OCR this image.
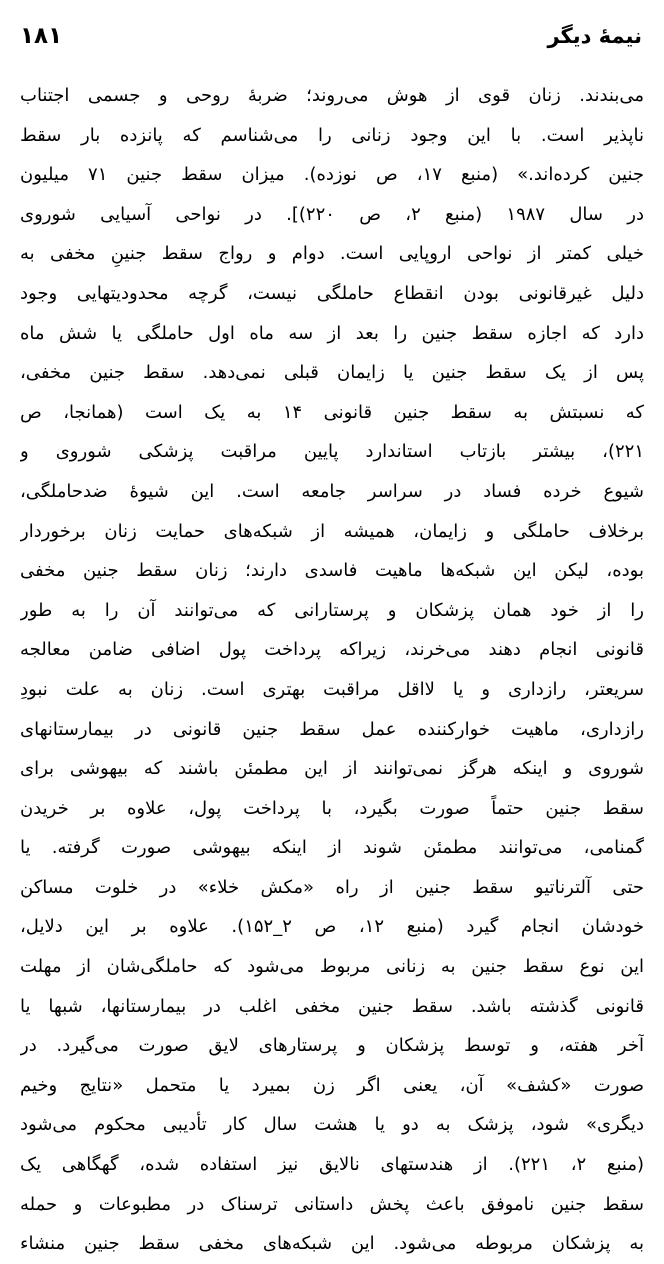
نیمهٔ دیگر
۱۸۱
می‌بندند. زنان قوی از هوش می‌روند؛ ضربهٔ روحی و جسمی اجتناب
ناپذیر است. با این وجود زنانی را می‌شناسم که پانزده بار سقط
جنین کرده‌اند.» (منبع ۱۷، ص نوزده). میزان سقط جنین ۷۱ میلیون
در سال ۱۹۸۷ (منبع ۲، ص ۲۲۰)]. در نواحی آسیایی شوروی
خیلی کمتر از نواحی اروپایی است. دوام و رواج سقط جنینِ مخفی به
دلیل غیرقانونی بودن انقطاع حاملگی نیست، گرچه محدودیتهایی وجود
دارد که اجازه سقط جنین را بعد از سه ماه اول حاملگی یا شش ماه
پس از یک سقط جنین یا زایمان قبلی نمی‌دهد. سقط جنین مخفی،
که نسبتش به سقط جنین قانونی ۱۴ به یک است (همانجا، ص
۲۲۱)، بیشتر بازتاب استاندارد پایین مراقبت پزشکی شوروی و
شیوع خرده فساد در سراسر جامعه است. این شیوهٔ ضدحاملگی،
برخلاف حاملگی و زایمان، همیشه از شبکه‌های حمایت زنان برخوردار
بوده، لیکن این شبکه‌ها ماهیت فاسدی دارند؛ زنان سقط جنین مخفی
را از خود همان پزشکان و پرستارانی که می‌توانند آن را به طور
قانونی انجام دهند می‌خرند، زیراکه پرداخت پول اضافی ضامن معالجه
سریعتر، رازداری و یا لااقل مراقبت بهتری است. زنان به علت نبودِ
رازداری، ماهیت خوارکننده عمل سقط جنین قانونی در بیمارستانهای
شوروی و اینکه هرگز نمی‌توانند از این مطمئن باشند که بیهوشی برای
سقط جنین حتماً صورت بگیرد، با پرداخت پول، علاوه بر خریدن
گمنامی، می‌توانند مطمئن شوند از اینکه بیهوشی صورت گرفته. یا
حتی آلترناتیو سقط جنین از راه «مکش خلاء» در خلوت مساکن
خودشان انجام گیرد (منبع ۱۲، ص ۲_۱۵۲). علاوه بر این دلایل،
این نوع سقط جنین به زنانی مربوط می‌شود که حاملگی‌شان از مهلت
قانونی گذشته باشد. سقط جنین مخفی اغلب در بیمارستانها، شبها یا
آخر هفته، و توسط پزشکان و پرستارهای لایق صورت می‌گیرد. در
صورت «کشف» آن، یعنی اگر زن بمیرد یا متحمل «نتایج وخیم
دیگری» شود، پزشک به دو یا هشت سال کار تأدیبی محکوم می‌شود
(منبع ۲، ۲۲۱). از هندستهای نالایق نیز استفاده شده، گهگاهی یک
سقط جنین ناموفق باعث پخش داستانی ترسناک در مطبوعات و حمله
به پزشکان مربوطه می‌شود. این شبکه‌های مخفی سقط جنین منشاء
